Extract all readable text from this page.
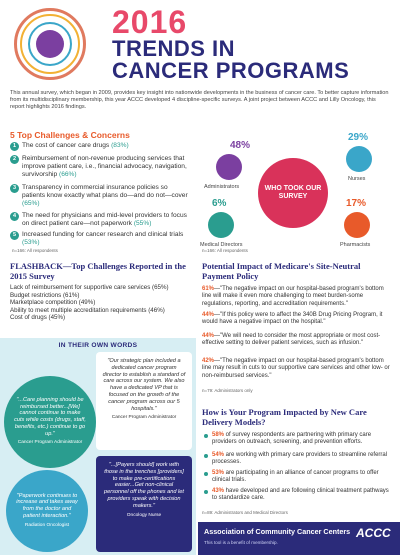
2016
TRENDS IN
CANCER PROGRAMS
This annual survey, which began in 2009, provides key insight into nationwide developments in the business of cancer care. To better capture information from its multidisciplinary membership, this year ACCC developed 4 discipline-specific surveys. A joint project between ACCC and Lilly Oncology, this report highlights 2016 findings.
5 Top Challenges & Concerns
1 The cost of cancer care drugs (83%)
2 Reimbursement of non-revenue producing services that improve patient care, i.e., financial advocacy, navigation, survivorship (66%)
3 Transparency in commercial insurance policies so patients know exactly what plans do—and do not—cover (65%)
4 The need for physicians and mid-level providers to focus on direct patient care—not paperwork (55%)
5 Increased funding for cancer research and clinical trials (53%)
n=166: All respondents
WHO TOOK OUR SURVEY
48%
Administrators
29%
Nurses
6%
Medical Directors
17%
Pharmacists
n=166: All respondents
FLASHBACK—Top Challenges Reported in the 2015 Survey
Lack of reimbursement for supportive care services (65%)
Budget restrictions (61%)
Marketplace competition (49%)
Ability to meet multiple accreditation requirements (46%)
Cost of drugs (45%)
IN THEIR OWN WORDS
"Our strategic plan included a dedicated cancer program director to establish a standard of care across our system. We also have a dedicated VP that is focused on the growth of the cancer program across our 5 hospitals."
Cancer Program Administrator
"...Care planning should be reimbursed better...[We] cannot continue to make cuts while costs (drugs, staff, benefits, etc.) continue to go up."
Cancer Program Administrator
"Paperwork continues to increase and takes away from the doctor and patient interaction."
Radiation Oncologist
"...[Payers should] work with those in the trenches [providers] to make pre-certifications easier...Get non-clinical personnel off the phones and let providers speak with decision makers."
Oncology Nurse
Potential Impact of Medicare's Site-Neutral Payment Policy
61%—"The negative impact on our hospital-based program's bottom line will make it even more challenging to meet burden-some regulations, reporting, and accreditation requirements."
44%—"If this policy were to affect the 340B Drug Pricing Program, it would have a negative impact on the hospital."
44%—"We will need to consider the most appropriate or most cost-effective setting to deliver patient services, such as infusion."
42%—"The negative impact on our hospital-based program's bottom line may result in cuts to our supportive care services and other low- or non-reimbursed services."
n=79: Administrators only
How is Your Program Impacted by New Care Delivery Models?
58% of survey respondents are partnering with primary care providers on outreach, screening, and prevention efforts.
54% are working with primary care providers to streamline referral processes.
53% are participating in an alliance of cancer programs to offer clinical trials.
43% have developed and are following clinical treatment pathways to standardize care.
n=89: Administrators and Medical Directors
Association of Community Cancer Centers
This tool is a benefit of membership.
ACCC
